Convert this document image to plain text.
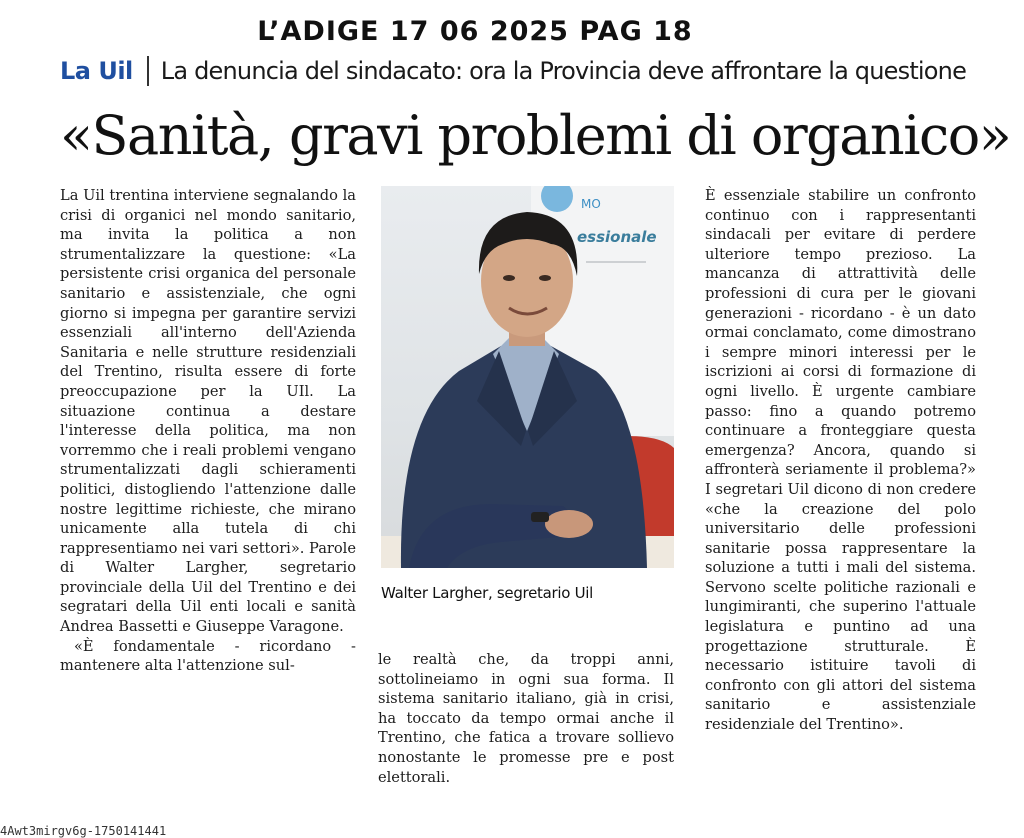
L’ADIGE 17 06 2025 PAG 18
La Uil La denuncia del sindacato: ora la Provincia deve affrontare la questione
«Sanità, gravi problemi di organico»

La Uil trentina interviene segnalando la crisi di organici nel mondo sanitario, ma invita la politica a non strumentalizzare la questione: «La persistente crisi organica del personale sanitario e assistenziale, che ogni giorno si impegna per garantire servizi essenziali all'interno dell'Azienda Sanitaria e nelle strutture residenziali del Trentino, risulta essere di forte preoccupazione per la UIl. La situazione continua a destare l'interesse della politica, ma non vorremmo che i reali problemi vengano strumentalizzati dagli schieramenti politici, distogliendo l'attenzione dalle nostre legittime richieste, che mirano unicamente alla tutela di chi rappresentiamo nei vari settori». Parole di Walter Largher, segretario provinciale della Uil del Trentino e dei segratari della Uil enti locali e sanità Andrea Bassetti e Giuseppe Varagone.

«È fondamentale - ricordano - mantenere alta l'attenzione sul-

MO
essionale
Walter Largher, segretario Uil

le realtà che, da troppi anni, sottolineiamo in ogni sua forma. Il sistema sanitario italiano, già in crisi, ha toccato da tempo ormai anche il Trentino, che fatica a trovare sollievo nonostante le promesse pre e post elettorali.

È essenziale stabilire un confronto continuo con i rappresentanti sindacali per evitare di perdere ulteriore tempo prezioso. La mancanza di attrattività delle professioni di cura per le giovani generazioni - ricordano - è un dato ormai conclamato, come dimostrano i sempre minori interessi per le iscrizioni ai corsi di formazione di ogni livello. È urgente cambiare passo: fino a quando potremo continuare a fronteggiare questa emergenza? Ancora, quando si affronterà seriamente il problema?» I segretari Uil dicono di non credere «che la creazione del polo universitario delle professioni sanitarie possa rappresentare la soluzione a tutti i mali del sistema. Servono scelte politiche razionali e lungimiranti, che superino l'attuale legislatura e puntino ad una progettazione strutturale. È necessario istituire tavoli di confronto con gli attori del sistema sanitario e assistenziale residenziale del Trentino».

4Awt3mirgv6g-1750141441
